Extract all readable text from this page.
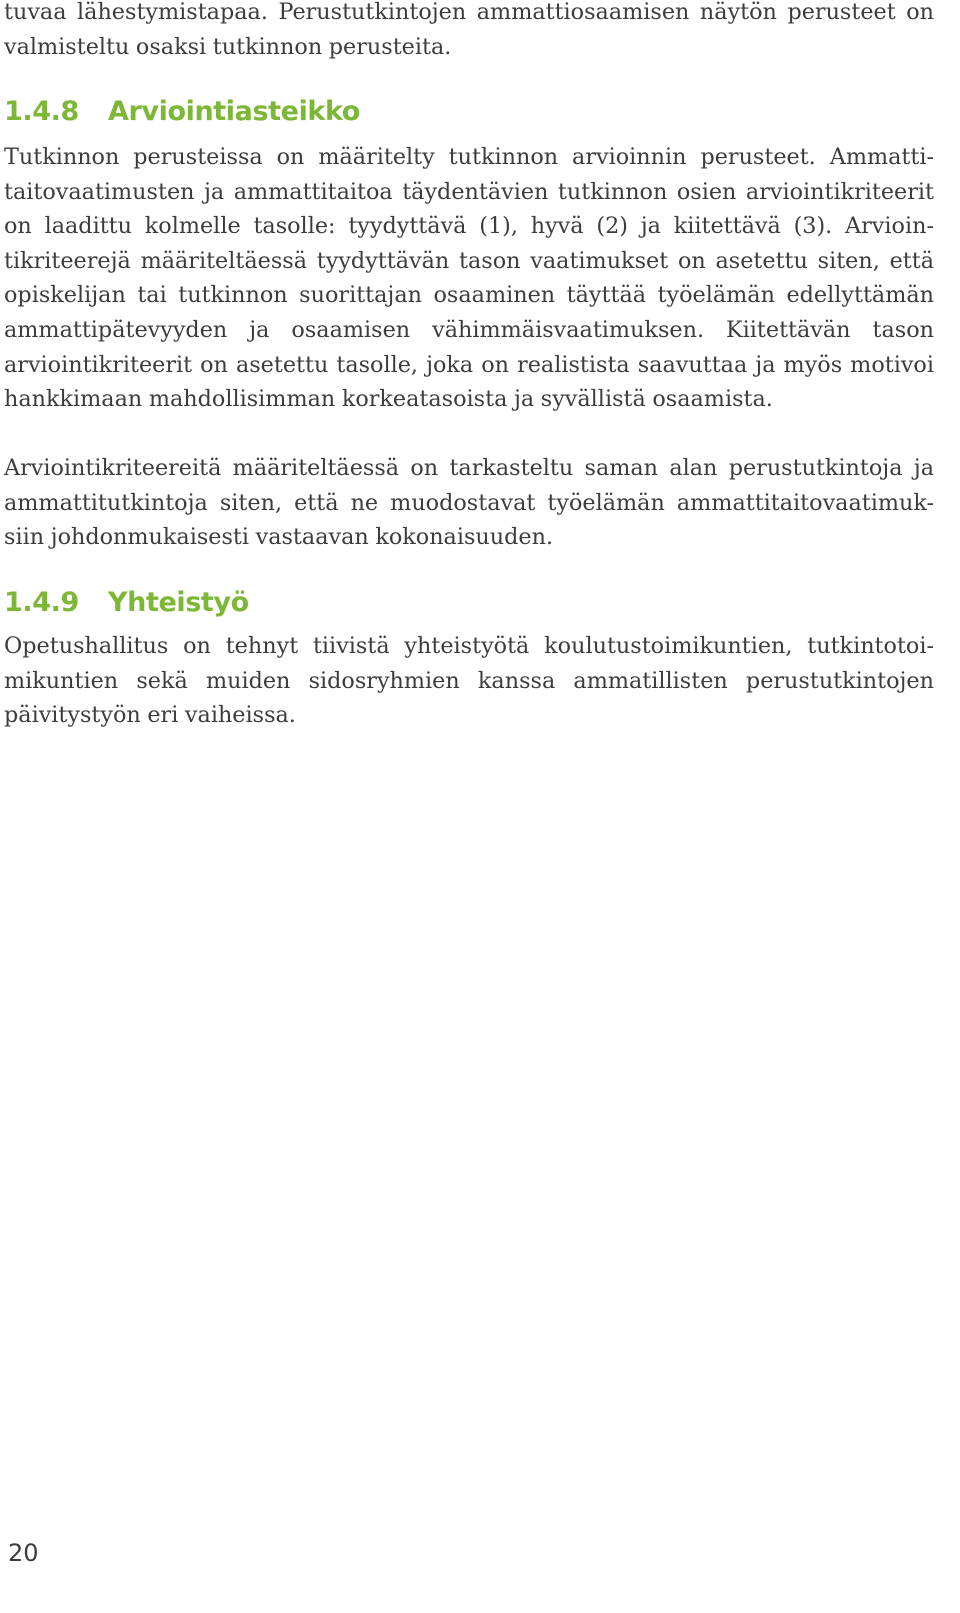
tuvaa lähestymistapaa. Perustutkintojen ammattiosaamisen näytön perusteet on
valmisteltu osaksi tutkinnon perusteita.

1.4.8 Arviointiasteikko

Tutkinnon perusteissa on määritelty tutkinnon arvioinnin perusteet. Ammatti-
taitovaatimusten ja ammattitaitoa täydentävien tutkinnon osien arviointikriteerit
on laadittu kolmelle tasolle: tyydyttävä (1), hyvä (2) ja kiitettävä (3). Arvioin-
tikriteerejä määriteltäessä tyydyttävän tason vaatimukset on asetettu siten, että
opiskelijan tai tutkinnon suorittajan osaaminen täyttää työelämän edellyttämän
ammattipätevyyden ja osaamisen vähimmäisvaatimuksen. Kiitettävän tason
arviointikriteerit on asetettu tasolle, joka on realistista saavuttaa ja myös motivoi
hankkimaan mahdollisimman korkeatasoista ja syvällistä osaamista.

Arviointikriteereitä määriteltäessä on tarkasteltu saman alan perustutkintoja ja
ammattitutkintoja siten, että ne muodostavat työelämän ammattitaitovaatimuk-
siin johdonmukaisesti vastaavan kokonaisuuden.

1.4.9 Yhteistyö

Opetushallitus on tehnyt tiivistä yhteistyötä koulutustoimikuntien, tutkintotoi-
mikuntien sekä muiden sidosryhmien kanssa ammatillisten perustutkintojen
päivitystyön eri vaiheissa.

20
